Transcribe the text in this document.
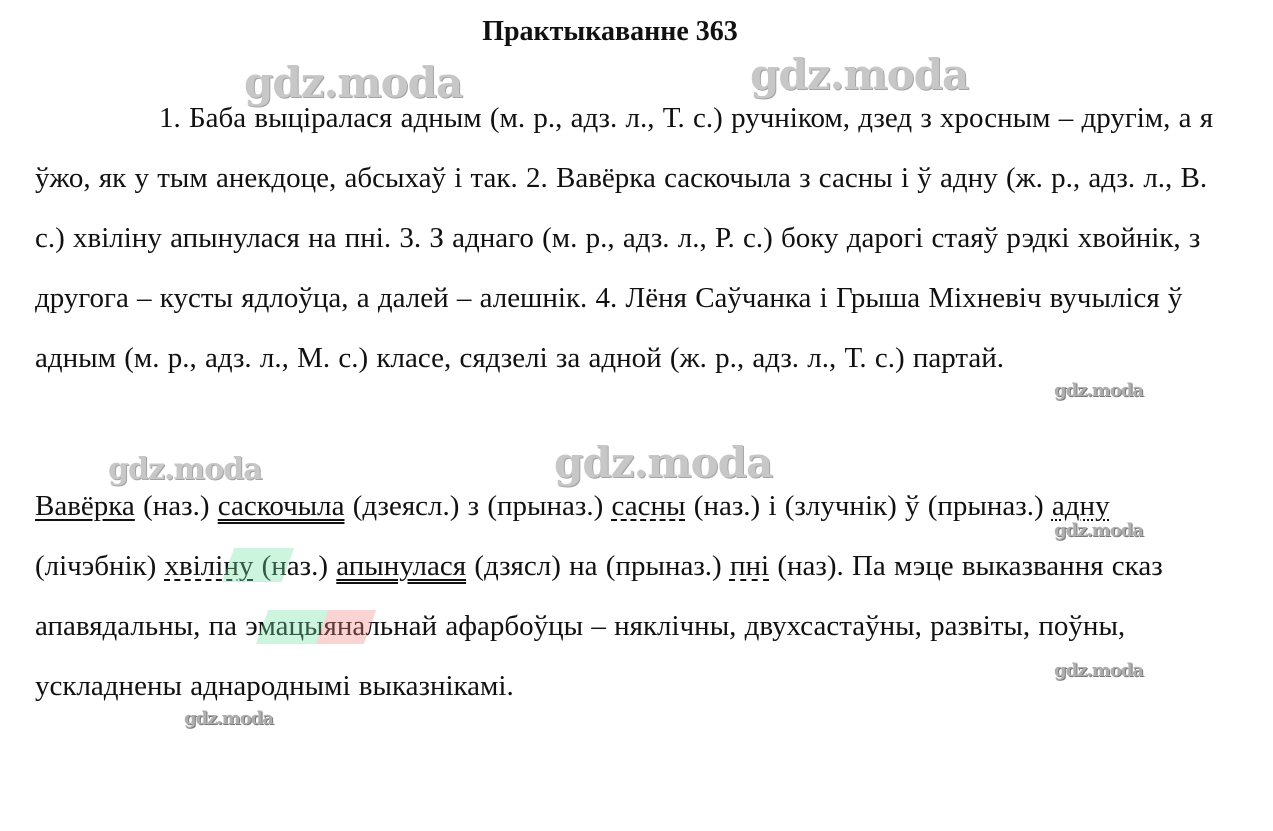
Практыкаванне 363

1. Баба выціралася адным (м. р., адз. л., Т. с.) ручніком, дзед з хросным – другім, а я ўжо, як у тым анекдоце, абсыхаў і так. 2. Вавёрка саскочыла з сасны і ў адну (ж. р., адз. л., В. с.) хвіліну апынулася на пні. 3. З аднаго (м. р., адз. л., Р. с.) боку дарогі стаяў рэдкі хвойнік, з другога – кусты ядлоўца, а далей – алешнік. 4. Лёня Саўчанка і Грыша Міхневіч вучыліся ў адным (м. р., адз. л., М. с.) класе, сядзелі за адной (ж. р., адз. л., Т. с.) партай.

Вавёрка (наз.) саскочыла (дзеясл.) з (прыназ.) сасны (наз.) і (злучнік) ў (прыназ.) адну (лічэбнік) хвіліну (наз.) апынулася (дзясл) на (прыназ.) пні (наз). Па мэце выказвання сказ апавядальны, па эмацыянальнай афарбоўцы – няклічны, двухсастаўны, развіты, поўны, ускладнены аднароднымі выказнікамі.

gdz.moda	gdz.moda
gdz.moda	gdz.moda
gdz.moda
gdz.moda
gdz.moda
gdz.moda
